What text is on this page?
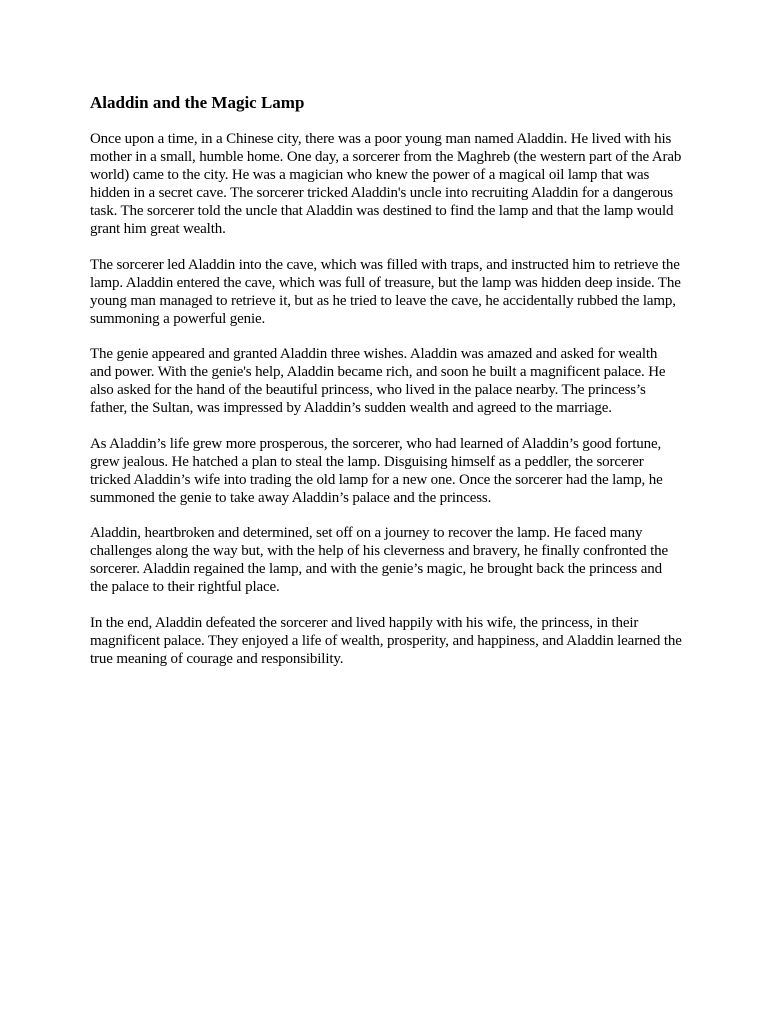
Aladdin and the Magic Lamp

Once upon a time, in a Chinese city, there was a poor young man named Aladdin. He lived with his mother in a small, humble home. One day, a sorcerer from the Maghreb (the western part of the Arab world) came to the city. He was a magician who knew the power of a magical oil lamp that was hidden in a secret cave. The sorcerer tricked Aladdin's uncle into recruiting Aladdin for a dangerous task. The sorcerer told the uncle that Aladdin was destined to find the lamp and that the lamp would grant him great wealth.

The sorcerer led Aladdin into the cave, which was filled with traps, and instructed him to retrieve the lamp. Aladdin entered the cave, which was full of treasure, but the lamp was hidden deep inside. The young man managed to retrieve it, but as he tried to leave the cave, he accidentally rubbed the lamp, summoning a powerful genie.

The genie appeared and granted Aladdin three wishes. Aladdin was amazed and asked for wealth and power. With the genie's help, Aladdin became rich, and soon he built a magnificent palace. He also asked for the hand of the beautiful princess, who lived in the palace nearby. The princess’s father, the Sultan, was impressed by Aladdin’s sudden wealth and agreed to the marriage.

As Aladdin’s life grew more prosperous, the sorcerer, who had learned of Aladdin’s good fortune, grew jealous. He hatched a plan to steal the lamp. Disguising himself as a peddler, the sorcerer tricked Aladdin’s wife into trading the old lamp for a new one. Once the sorcerer had the lamp, he summoned the genie to take away Aladdin’s palace and the princess.

Aladdin, heartbroken and determined, set off on a journey to recover the lamp. He faced many challenges along the way but, with the help of his cleverness and bravery, he finally confronted the sorcerer. Aladdin regained the lamp, and with the genie’s magic, he brought back the princess and the palace to their rightful place.

In the end, Aladdin defeated the sorcerer and lived happily with his wife, the princess, in their magnificent palace. They enjoyed a life of wealth, prosperity, and happiness, and Aladdin learned the true meaning of courage and responsibility.
